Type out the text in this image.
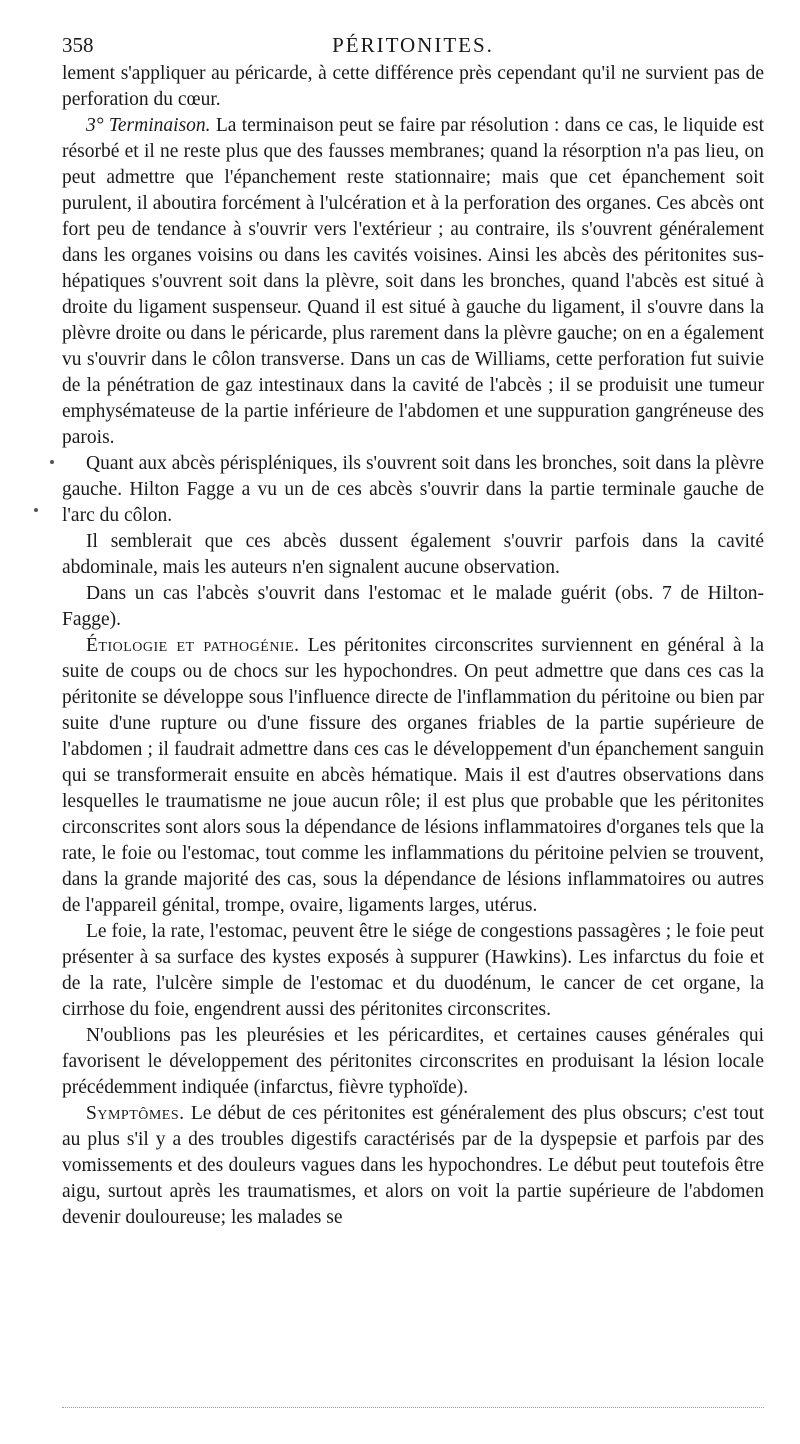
358	PÉRITONITES.

lement s'appliquer au péricarde, à cette différence près cependant qu'il ne survient pas de perforation du cœur.

3° Terminaison. La terminaison peut se faire par résolution : dans ce cas, le liquide est résorbé et il ne reste plus que des fausses membranes; quand la résorption n'a pas lieu, on peut admettre que l'épanchement reste stationnaire; mais que cet épanchement soit purulent, il aboutira forcément à l'ulcération et à la perforation des organes. Ces abcès ont fort peu de tendance à s'ouvrir vers l'extérieur ; au contraire, ils s'ouvrent généralement dans les organes voisins ou dans les cavités voisines. Ainsi les abcès des péritonites sus-hépatiques s'ouvrent soit dans la plèvre, soit dans les bronches, quand l'abcès est situé à droite du ligament suspenseur. Quand il est situé à gauche du ligament, il s'ouvre dans la plèvre droite ou dans le péricarde, plus rarement dans la plèvre gauche; on en a également vu s'ouvrir dans le côlon transverse. Dans un cas de Williams, cette perforation fut suivie de la pénétration de gaz intestinaux dans la cavité de l'abcès ; il se produisit une tumeur emphysémateuse de la partie inférieure de l'abdomen et une suppuration gangréneuse des parois.

Quant aux abcès périspléniques, ils s'ouvrent soit dans les bronches, soit dans la plèvre gauche. Hilton Fagge a vu un de ces abcès s'ouvrir dans la partie terminale gauche de l'arc du côlon.

Il semblerait que ces abcès dussent également s'ouvrir parfois dans la cavité abdominale, mais les auteurs n'en signalent aucune observation.

Dans un cas l'abcès s'ouvrit dans l'estomac et le malade guérit (obs. 7 de Hilton-Fagge).

Étiologie et pathogénie. Les péritonites circonscrites surviennent en général à la suite de coups ou de chocs sur les hypochondres. On peut admettre que dans ces cas la péritonite se développe sous l'influence directe de l'inflammation du péritoine ou bien par suite d'une rupture ou d'une fissure des organes friables de la partie supérieure de l'abdomen ; il faudrait admettre dans ces cas le développement d'un épanchement sanguin qui se transformerait ensuite en abcès hématique. Mais il est d'autres observations dans lesquelles le traumatisme ne joue aucun rôle; il est plus que probable que les péritonites circonscrites sont alors sous la dépendance de lésions inflammatoires d'organes tels que la rate, le foie ou l'estomac, tout comme les inflammations du péritoine pelvien se trouvent, dans la grande majorité des cas, sous la dépendance de lésions inflammatoires ou autres de l'appareil génital, trompe, ovaire, ligaments larges, utérus.

Le foie, la rate, l'estomac, peuvent être le siége de congestions passagères ; le foie peut présenter à sa surface des kystes exposés à suppurer (Hawkins). Les infarctus du foie et de la rate, l'ulcère simple de l'estomac et du duodénum, le cancer de cet organe, la cirrhose du foie, engendrent aussi des péritonites circonscrites.

N'oublions pas les pleurésies et les péricardites, et certaines causes générales qui favorisent le développement des péritonites circonscrites en produisant la lésion locale précédemment indiquée (infarctus, fièvre typhoïde).

Symptômes. Le début de ces péritonites est généralement des plus obscurs; c'est tout au plus s'il y a des troubles digestifs caractérisés par de la dyspepsie et parfois par des vomissements et des douleurs vagues dans les hypochondres. Le début peut toutefois être aigu, surtout après les traumatismes, et alors on voit la partie supérieure de l'abdomen devenir douloureuse; les malades se
